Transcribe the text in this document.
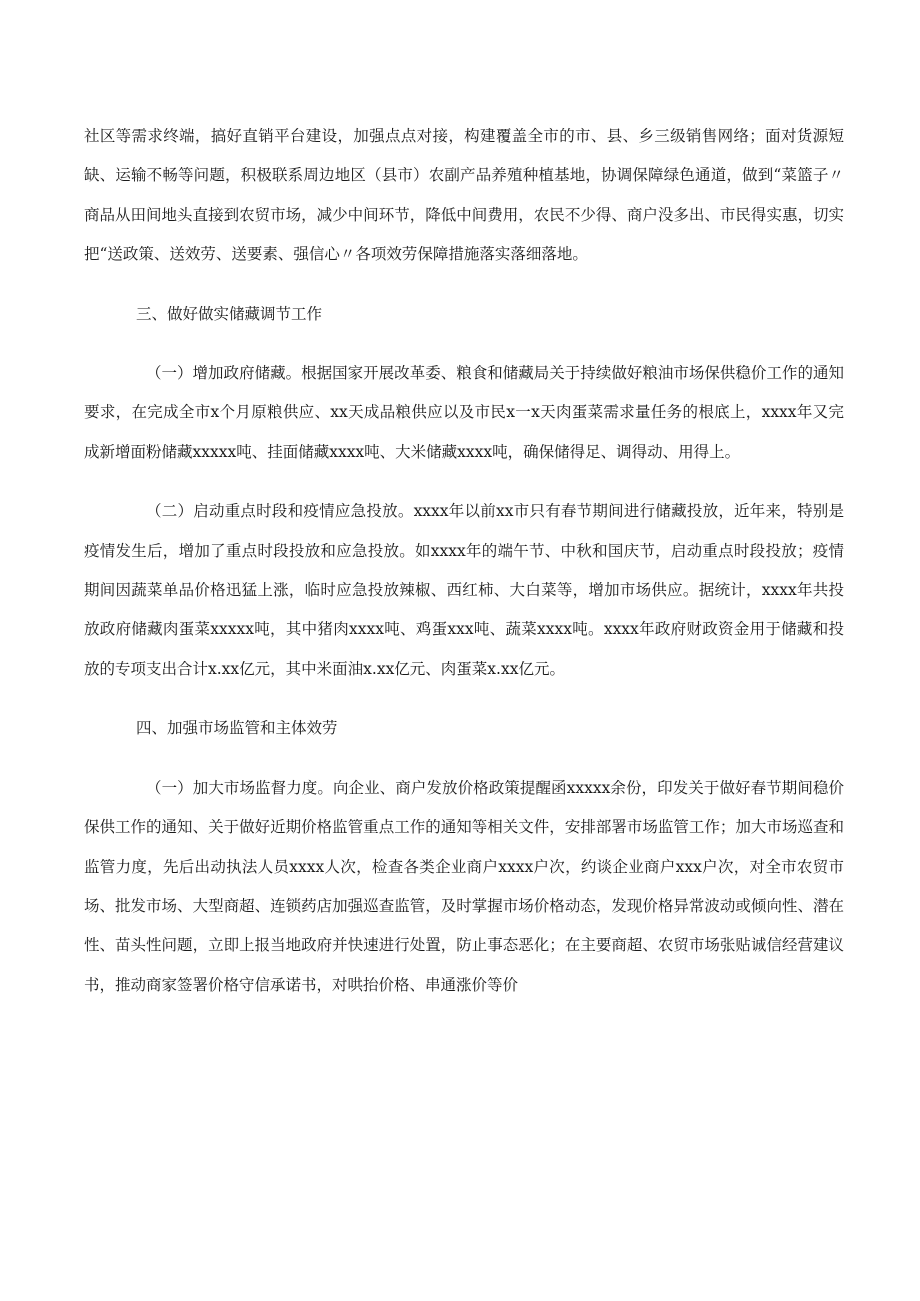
社区等需求终端，搞好直销平台建设，加强点点对接，构建覆盖全市的市、县、乡三级销售网络；面对货源短缺、运输不畅等问题，积极联系周边地区（县市）农副产品养殖种植基地，协调保障绿色通道，做到“菜篮子〃商品从田间地头直接到农贸市场，减少中间环节，降低中间费用，农民不少得、商户没多出、市民得实惠，切实把“送政策、送效劳、送要素、强信心〃各项效劳保障措施落实落细落地。

三、做好做实储藏调节工作

（一）增加政府储藏。根据国家开展改革委、粮食和储藏局关于持续做好粮油市场保供稳价工作的通知要求，在完成全市x个月原粮供应、xx天成品粮供应以及市民x一x天肉蛋菜需求量任务的根底上，xxxx年又完成新增面粉储藏xxxxx吨、挂面储藏xxxx吨、大米储藏xxxx吨，确保储得足、调得动、用得上。

（二）启动重点时段和疫情应急投放。xxxx年以前xx市只有春节期间进行储藏投放，近年来，特别是疫情发生后，增加了重点时段投放和应急投放。如xxxx年的端午节、中秋和国庆节，启动重点时段投放；疫情期间因蔬菜单品价格迅猛上涨，临时应急投放辣椒、西红柿、大白菜等，增加市场供应。据统计，xxxx年共投放政府储藏肉蛋菜xxxxx吨，其中猪肉xxxx吨、鸡蛋xxx吨、蔬菜xxxx吨。xxxx年政府财政资金用于储藏和投放的专项支出合计x.xx亿元，其中米面油x.xx亿元、肉蛋菜x.xx亿元。

四、加强市场监管和主体效劳

（一）加大市场监督力度。向企业、商户发放价格政策提醒函xxxxx余份，印发关于做好春节期间稳价保供工作的通知、关于做好近期价格监管重点工作的通知等相关文件，安排部署市场监管工作；加大市场巡查和监管力度，先后出动执法人员xxxx人次，检查各类企业商户xxxx户次，约谈企业商户xxx户次，对全市农贸市场、批发市场、大型商超、连锁药店加强巡查监管，及时掌握市场价格动态，发现价格异常波动或倾向性、潜在性、苗头性问题，立即上报当地政府并快速进行处置，防止事态恶化；在主要商超、农贸市场张贴诚信经营建议书，推动商家签署价格守信承诺书，对哄抬价格、串通涨价等价
